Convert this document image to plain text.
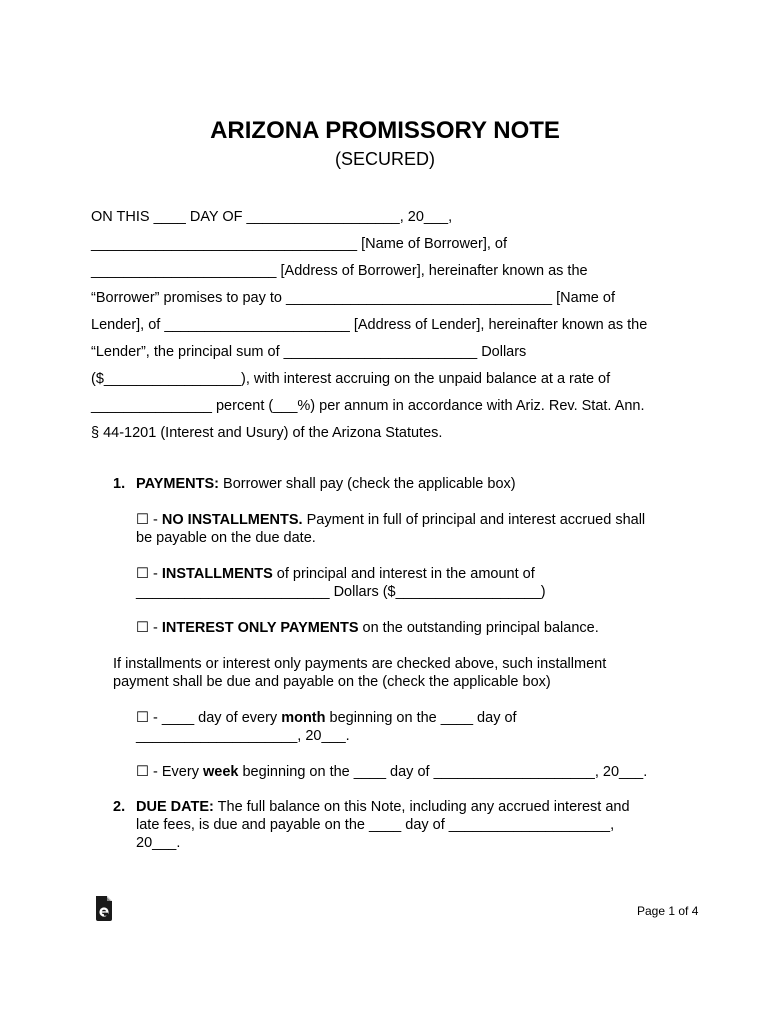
ARIZONA PROMISSORY NOTE
(SECURED)
ON THIS ____ DAY OF ___________________, 20___,
_________________________________ [Name of Borrower], of
_______________________ [Address of Borrower], hereinafter known as the
“Borrower” promises to pay to _________________________________ [Name of
Lender], of _______________________ [Address of Lender], hereinafter known as the
“Lender”, the principal sum of ________________________ Dollars
($_________________), with interest accruing on the unpaid balance at a rate of
_______________ percent (___%) per annum in accordance with Ariz. Rev. Stat. Ann.
§ 44-1201 (Interest and Usury) of the Arizona Statutes.
1. PAYMENTS: Borrower shall pay (check the applicable box)
☐ - NO INSTALLMENTS. Payment in full of principal and interest accrued shall
be payable on the due date.
☐ - INSTALLMENTS of principal and interest in the amount of
________________________ Dollars ($__________________)
☐ - INTEREST ONLY PAYMENTS on the outstanding principal balance.
If installments or interest only payments are checked above, such installment
payment shall be due and payable on the (check the applicable box)
☐ - ____ day of every month beginning on the ____ day of
____________________, 20___.
☐ - Every week beginning on the ____ day of ____________________, 20___.
2. DUE DATE: The full balance on this Note, including any accrued interest and
late fees, is due and payable on the ____ day of ____________________,
20___.
Page 1 of 4
